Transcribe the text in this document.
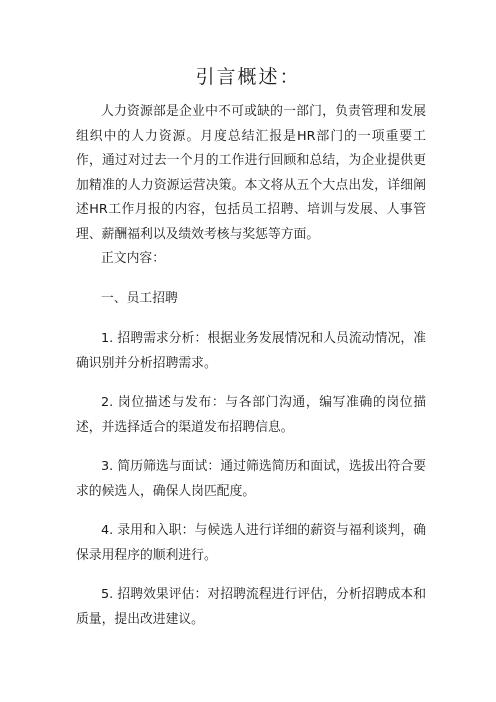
引言概述：

人力资源部是企业中不可或缺的一部门，负责管理和发展组织中的人力资源。月度总结汇报是HR部门的一项重要工作，通过对过去一个月的工作进行回顾和总结，为企业提供更加精准的人力资源运营决策。本文将从五个大点出发，详细阐述HR工作月报的内容，包括员工招聘、培训与发展、人事管理、薪酬福利以及绩效考核与奖惩等方面。

正文内容：

一、员工招聘

1. 招聘需求分析：根据业务发展情况和人员流动情况，准确识别并分析招聘需求。

2. 岗位描述与发布：与各部门沟通，编写准确的岗位描述，并选择适合的渠道发布招聘信息。

3. 简历筛选与面试：通过筛选简历和面试，选拔出符合要求的候选人，确保人岗匹配度。

4. 录用和入职：与候选人进行详细的薪资与福利谈判，确保录用程序的顺利进行。

5. 招聘效果评估：对招聘流程进行评估，分析招聘成本和质量，提出改进建议。
